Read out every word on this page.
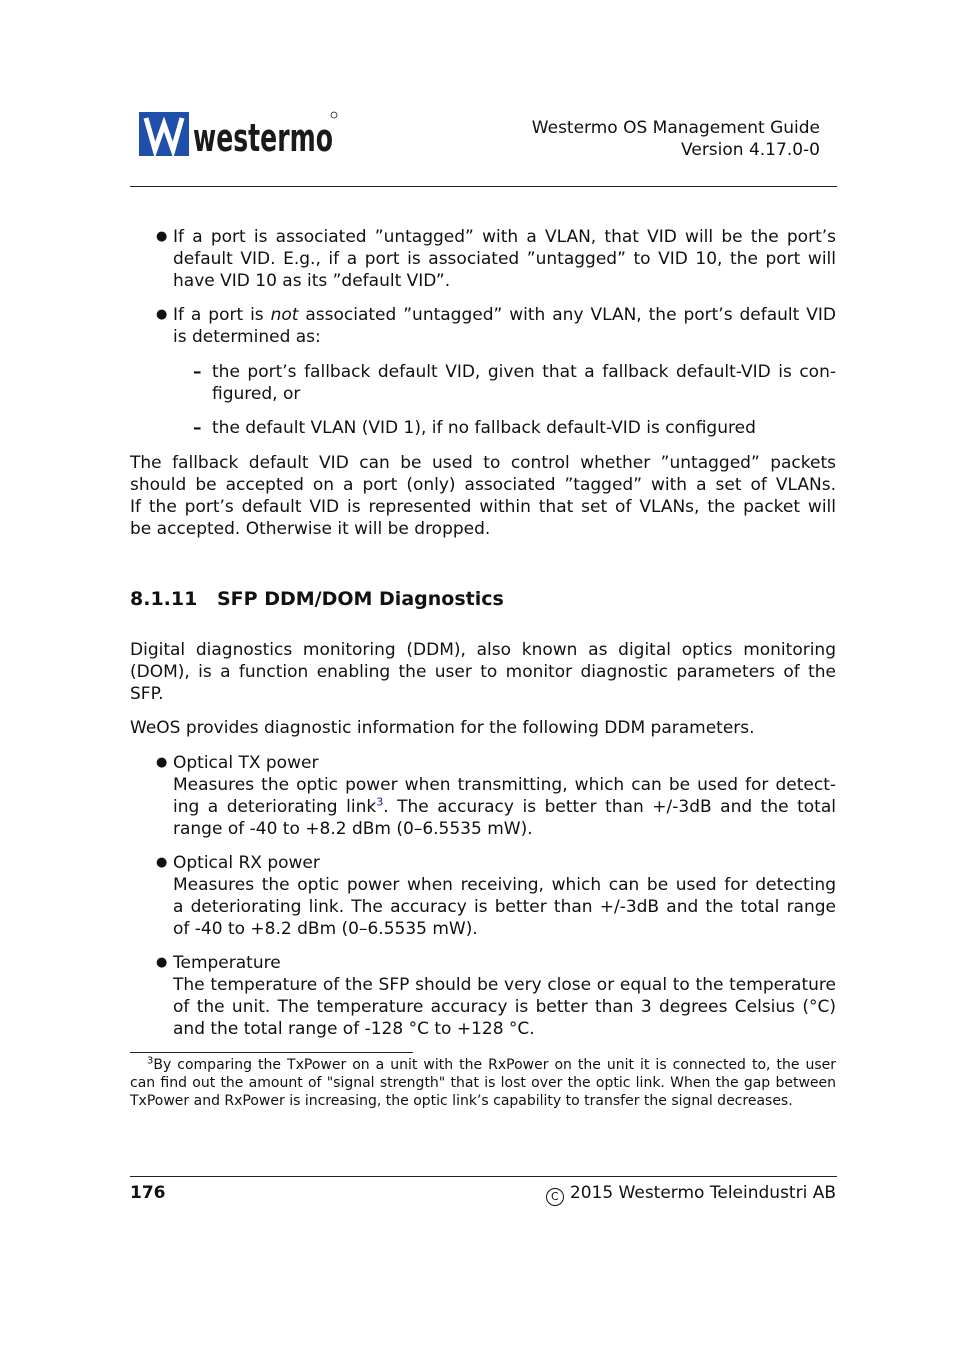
westermo	Westermo OS Management Guide
Version 4.17.0-0
● If a port is associated ”untagged” with a VLAN, that VID will be the port’s
default VID. E.g., if a port is associated ”untagged” to VID 10, the port will
have VID 10 as its ”default VID”.

● If a port is not associated ”untagged” with any VLAN, the port’s default VID
is determined as:

– the port’s fallback default VID, given that a fallback default-VID is con-
figured, or

– the default VLAN (VID 1), if no fallback default-VID is configured

The fallback default VID can be used to control whether ”untagged” packets
should be accepted on a port (only) associated ”tagged” with a set of VLANs.
If the port’s default VID is represented within that set of VLANs, the packet will
be accepted. Otherwise it will be dropped.

8.1.11 SFP DDM/DOM Diagnostics

Digital diagnostics monitoring (DDM), also known as digital optics monitoring
(DOM), is a function enabling the user to monitor diagnostic parameters of the
SFP.

WeOS provides diagnostic information for the following DDM parameters.

● Optical TX power
Measures the optic power when transmitting, which can be used for detect-
ing a deteriorating link$^3$. The accuracy is better than +/-3dB and the total
range of -40 to +8.2 dBm (0–6.5535 mW).

● Optical RX power
Measures the optic power when receiving, which can be used for detecting
a deteriorating link. The accuracy is better than +/-3dB and the total range
of -40 to +8.2 dBm (0–6.5535 mW).

● Temperature
The temperature of the SFP should be very close or equal to the temperature
of the unit. The temperature accuracy is better than 3 degrees Celsius (°C)
and the total range of -128 °C to +128 °C.

$^3$By comparing the TxPower on a unit with the RxPower on the unit it is connected to, the user
can find out the amount of "signal strength" that is lost over the optic link. When the gap between
TxPower and RxPower is increasing, the optic link’s capability to transfer the signal decreases.

176	C 2015 Westermo Teleindustri AB
